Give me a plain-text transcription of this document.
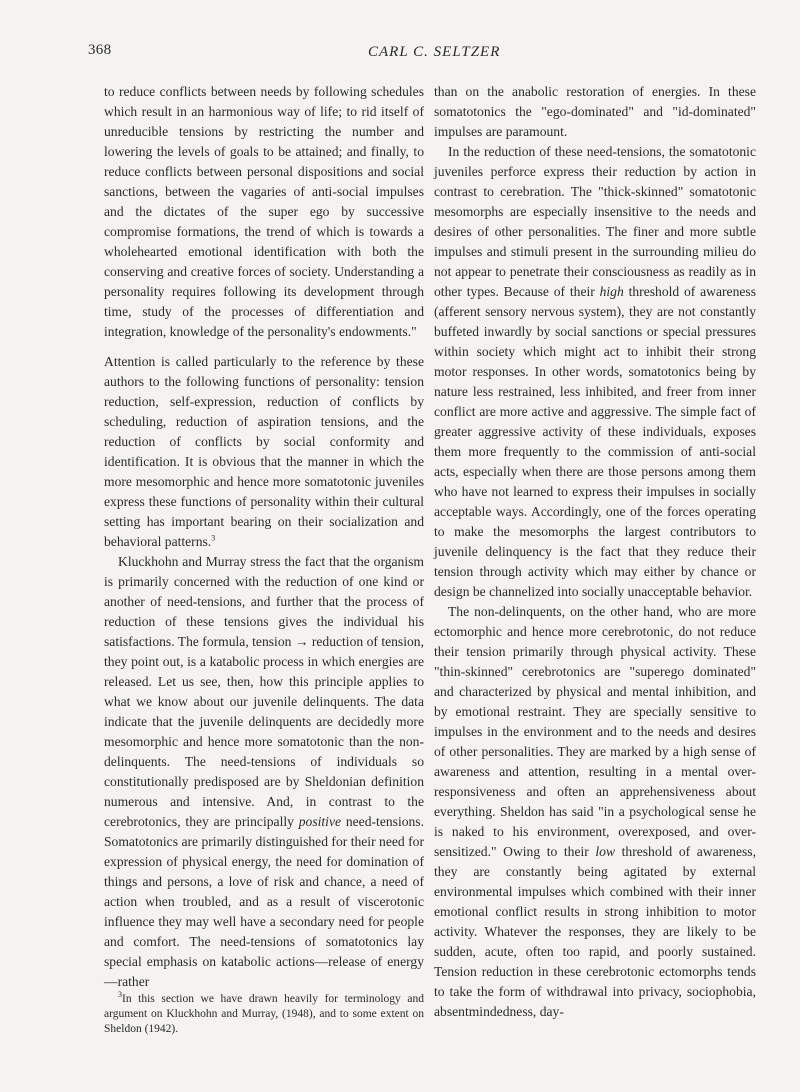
368	CARL C. SELTZER

to reduce conflicts between needs by following schedules which result in an harmonious way of life; to rid itself of unreducible tensions by restricting the number and lowering the levels of goals to be attained; and finally, to reduce conflicts between personal dispositions and social sanctions, between the vagaries of anti-social impulses and the dictates of the super ego by successive compromise formations, the trend of which is towards a wholehearted emotional identification with both the conserving and creative forces of society. Understanding a personality requires following its development through time, study of the processes of differentiation and integration, knowledge of the personality's endowments."

Attention is called particularly to the reference by these authors to the following functions of personality: tension reduction, self-expression, reduction of conflicts by scheduling, reduction of aspiration tensions, and the reduction of conflicts by social conformity and identification. It is obvious that the manner in which the more mesomorphic and hence more somatotonic juveniles express these functions of personality within their cultural setting has important bearing on their socialization and behavioral patterns.$^3$

Kluckhohn and Murray stress the fact that the organism is primarily concerned with the reduction of one kind or another of need-tensions, and further that the process of reduction of these tensions gives the individual his satisfactions. The formula, tension → reduction of tension, they point out, is a katabolic process in which energies are released. Let us see, then, how this principle applies to what we know about our juvenile delinquents. The data indicate that the juvenile delinquents are decidedly more mesomorphic and hence more somatotonic than the non-delinquents. The need-tensions of individuals so constitutionally predisposed are by Sheldonian definition numerous and intensive. And, in contrast to the cerebrotonics, they are principally positive need-tensions. Somatotonics are primarily distinguished for their need for expression of physical energy, the need for domination of things and persons, a love of risk and chance, a need of action when troubled, and as a result of viscerotonic influence they may well have a secondary need for people and comfort. The need-tensions of somatotonics lay special emphasis on katabolic actions—release of energy—rather

$^3$In this section we have drawn heavily for terminology and argument on Kluckhohn and Murray, (1948), and to some extent on Sheldon (1942).

than on the anabolic restoration of energies. In these somatotonics the "ego-dominated" and "id-dominated" impulses are paramount.

In the reduction of these need-tensions, the somatotonic juveniles perforce express their reduction by action in contrast to cerebration. The "thick-skinned" somatotonic mesomorphs are especially insensitive to the needs and desires of other personalities. The finer and more subtle impulses and stimuli present in the surrounding milieu do not appear to penetrate their consciousness as readily as in other types. Because of their high threshold of awareness (afferent sensory nervous system), they are not constantly buffeted inwardly by social sanctions or special pressures within society which might act to inhibit their strong motor responses. In other words, somatotonics being by nature less restrained, less inhibited, and freer from inner conflict are more active and aggressive. The simple fact of greater aggressive activity of these individuals, exposes them more frequently to the commission of anti-social acts, especially when there are those persons among them who have not learned to express their impulses in socially acceptable ways. Accordingly, one of the forces operating to make the mesomorphs the largest contributors to juvenile delinquency is the fact that they reduce their tension through activity which may either by chance or design be channelized into socially unacceptable behavior.

The non-delinquents, on the other hand, who are more ectomorphic and hence more cerebrotonic, do not reduce their tension primarily through physical activity. These "thin-skinned" cerebrotonics are "superego dominated" and characterized by physical and mental inhibition, and by emotional restraint. They are specially sensitive to impulses in the environment and to the needs and desires of other personalities. They are marked by a high sense of awareness and attention, resulting in a mental over-responsiveness and often an apprehensiveness about everything. Sheldon has said "in a psychological sense he is naked to his environment, overexposed, and over-sensitized." Owing to their low threshold of awareness, they are constantly being agitated by external environmental impulses which combined with their inner emotional conflict results in strong inhibition to motor activity. Whatever the responses, they are likely to be sudden, acute, often too rapid, and poorly sustained. Tension reduction in these cerebrotonic ectomorphs tends to take the form of withdrawal into privacy, sociophobia, absentmindedness, day-
